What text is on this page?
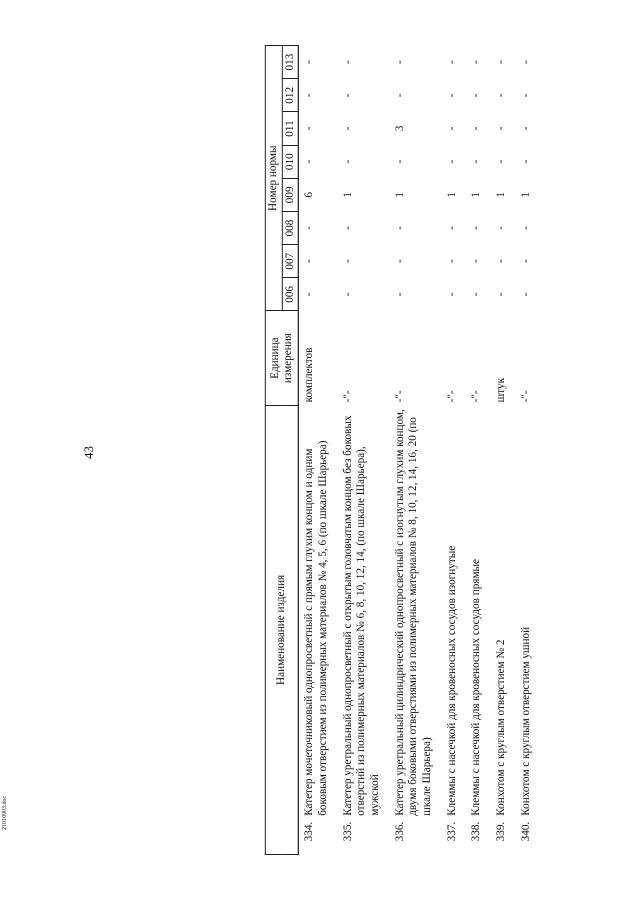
43
Наименование изделия		Единица измерения	Номер нормы							
			006	007	008	009	010	011	012	013
334.	Катетер мочеточниковый однопросветный с прямым глухим концом и одним боковым отверстием из полимерных материалов № 4, 5, 6 (по шкале Шарьера)	комплектов	-	-	-	6	-	-	-	-
335.	Катетер уретральный однопросветный с открытым головчатым концом без боковых отверстий из полимерных материалов № 6, 8, 10, 12, 14, (по шкале Шарьера), мужской	-"-	-	-	-	1	-	-	-	-
336.	Катетер уретральный цилиндрический однопросветный с изогнутым глухим концом, двумя боковыми отверстиями из полимерных материалов № 8, 10, 12, 14, 16, 20 (по шкале Шарьера)	-"-	-	-	-	1	-	3	-	-
337.	Клеммы с насечкой для кровеносных сосудов изогнутые	-"-	-	-	-	1	-	-	-	-
338.	Клеммы с насечкой для кровеносных сосудов прямые	-"-	-	-	-	1	-	-	-	-
339.	Конхотом с круглым отверстием № 2	штук	-	-	-	1	-	-	-	-
340.	Конхотом с круглым отверстием ушной	-"-	-	-	-	1	-	-	-	-
21010903.doc
